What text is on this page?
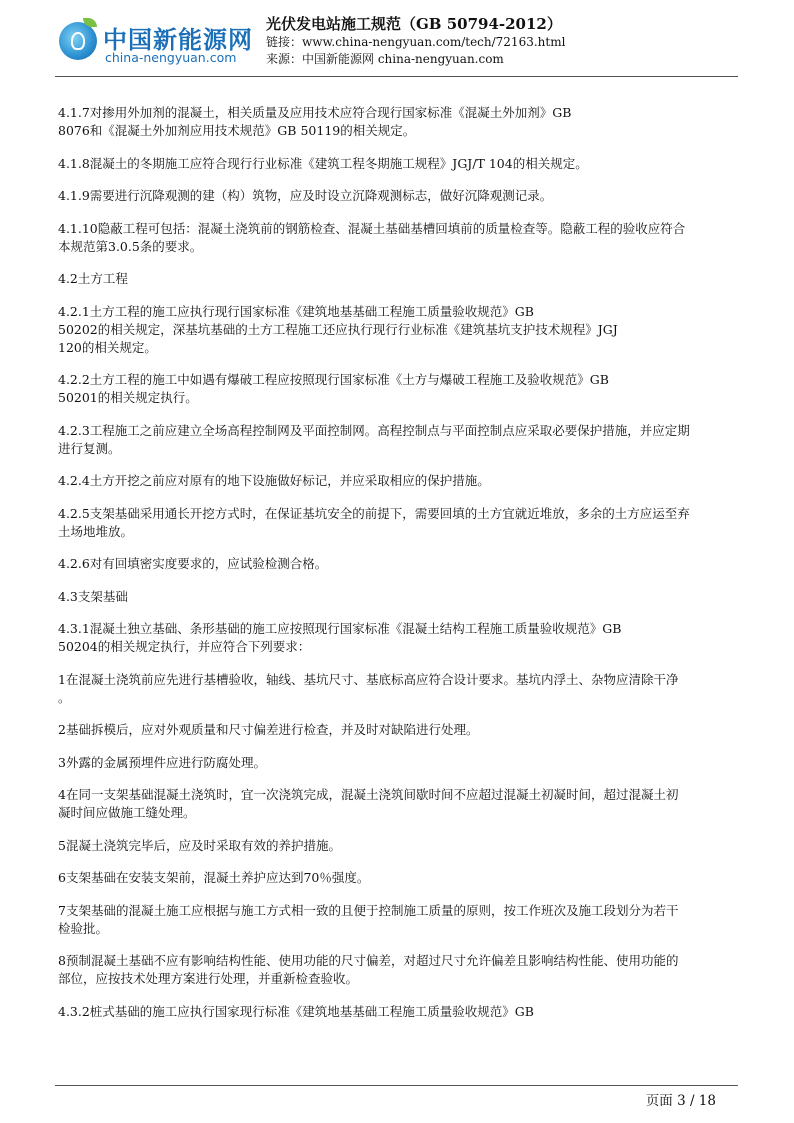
中国新能源网
china-nengyuan.com
光伏发电站施工规范（GB 50794-2012）
链接：www.china-nengyuan.com/tech/72163.html
来源：中国新能源网 china-nengyuan.com
4.1.7对掺用外加剂的混凝土，相关质量及应用技术应符合现行国家标准《混凝土外加剂》GB
8076和《混凝土外加剂应用技术规范》GB 50119的相关规定。
4.1.8混凝土的冬期施工应符合现行行业标准《建筑工程冬期施工规程》JGJ/T 104的相关规定。
4.1.9需要进行沉降观测的建（构）筑物，应及时设立沉降观测标志，做好沉降观测记录。
4.1.10隐蔽工程可包括：混凝土浇筑前的钢筋检查、混凝土基础基槽回填前的质量检查等。隐蔽工程的验收应符合
本规范第3.0.5条的要求。
4.2土方工程
4.2.1土方工程的施工应执行现行国家标准《建筑地基基础工程施工质量验收规范》GB
50202的相关规定，深基坑基础的土方工程施工还应执行现行行业标准《建筑基坑支护技术规程》JGJ
120的相关规定。
4.2.2土方工程的施工中如遇有爆破工程应按照现行国家标准《土方与爆破工程施工及验收规范》GB
50201的相关规定执行。
4.2.3工程施工之前应建立全场高程控制网及平面控制网。高程控制点与平面控制点应采取必要保护措施，并应定期
进行复测。
4.2.4土方开挖之前应对原有的地下设施做好标记，并应采取相应的保护措施。
4.2.5支架基础采用通长开挖方式时，在保证基坑安全的前提下，需要回填的土方宜就近堆放，多余的土方应运至弃
土场地堆放。
4.2.6对有回填密实度要求的，应试验检测合格。
4.3支架基础
4.3.1混凝土独立基础、条形基础的施工应按照现行国家标准《混凝土结构工程施工质量验收规范》GB
50204的相关规定执行，并应符合下列要求：
1在混凝土浇筑前应先进行基槽验收，轴线、基坑尺寸、基底标高应符合设计要求。基坑内浮土、杂物应清除干净
。
2基础拆模后，应对外观质量和尺寸偏差进行检查，并及时对缺陷进行处理。
3外露的金属预埋件应进行防腐处理。
4在同一支架基础混凝土浇筑时，宜一次浇筑完成，混凝土浇筑间歇时间不应超过混凝土初凝时间，超过混凝土初
凝时间应做施工缝处理。
5混凝土浇筑完毕后，应及时采取有效的养护措施。
6支架基础在安装支架前，混凝土养护应达到70％强度。
7支架基础的混凝土施工应根据与施工方式相一致的且便于控制施工质量的原则，按工作班次及施工段划分为若干
检验批。
8预制混凝土基础不应有影响结构性能、使用功能的尺寸偏差，对超过尺寸允许偏差且影响结构性能、使用功能的
部位，应按技术处理方案进行处理，并重新检查验收。
4.3.2桩式基础的施工应执行国家现行标准《建筑地基基础工程施工质量验收规范》GB
页面 3 / 18
